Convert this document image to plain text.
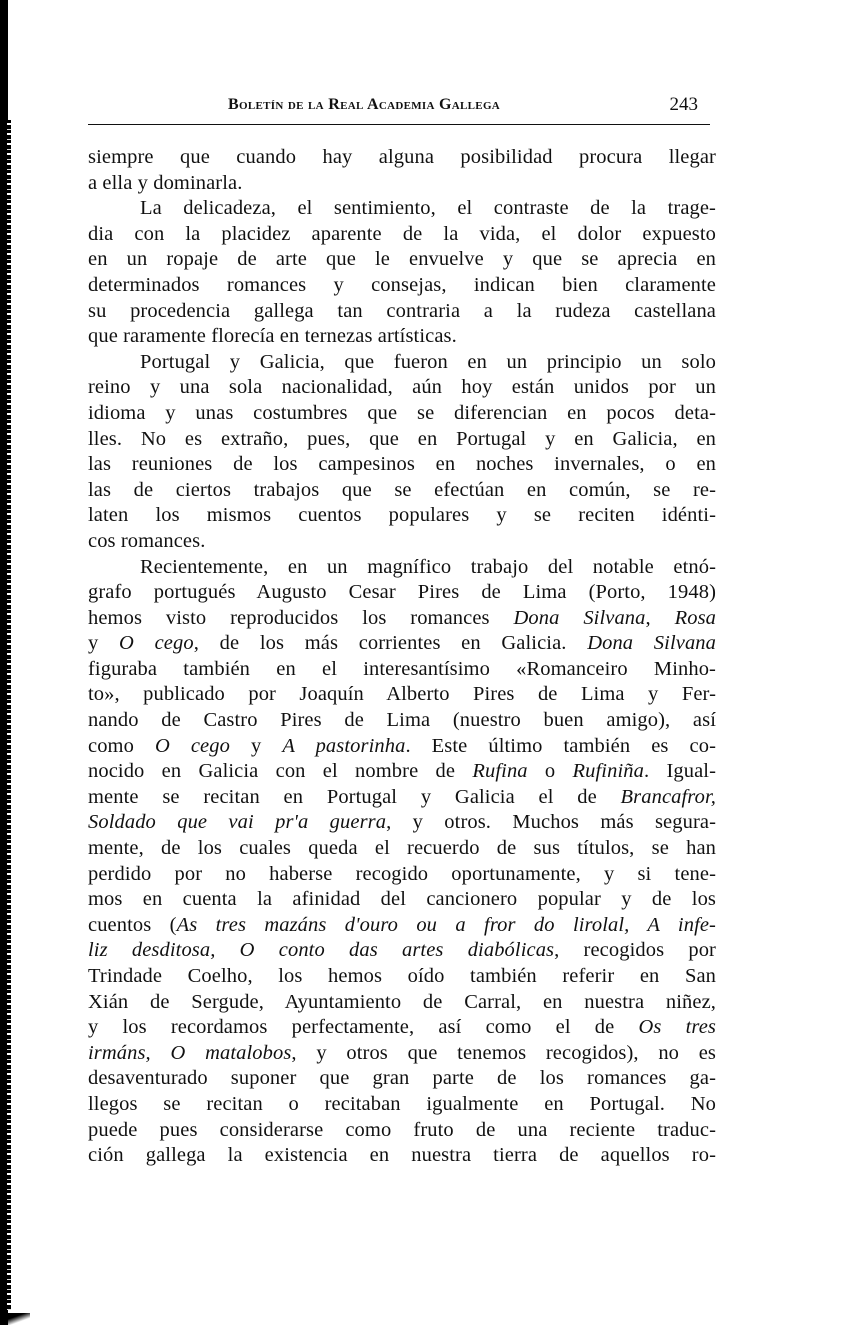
Boletín de la Real Academia Gallega	243
siempre que cuando hay alguna posibilidad procura llegar
a ella y dominarla.
La delicadeza, el sentimiento, el contraste de la trage-
dia con la placidez aparente de la vida, el dolor expuesto
en un ropaje de arte que le envuelve y que se aprecia en
determinados romances y consejas, indican bien claramente
su procedencia gallega tan contraria a la rudeza castellana
que raramente florecía en ternezas artísticas.
Portugal y Galicia, que fueron en un principio un solo
reino y una sola nacionalidad, aún hoy están unidos por un
idioma y unas costumbres que se diferencian en pocos deta-
lles. No es extraño, pues, que en Portugal y en Galicia, en
las reuniones de los campesinos en noches invernales, o en
las de ciertos trabajos que se efectúan en común, se re-
laten los mismos cuentos populares y se reciten idénti-
cos romances.
Recientemente, en un magnífico trabajo del notable etnó-
grafo portugués Augusto Cesar Pires de Lima (Porto, 1948)
hemos visto reproducidos los romances Dona Silvana, Rosa
y O cego, de los más corrientes en Galicia. Dona Silvana
figuraba también en el interesantísimo «Romanceiro Minho-
to», publicado por Joaquín Alberto Pires de Lima y Fer-
nando de Castro Pires de Lima (nuestro buen amigo), así
como O cego y A pastorinha. Este último también es co-
nocido en Galicia con el nombre de Rufina o Rufiniña. Igual-
mente se recitan en Portugal y Galicia el de Brancafror,
Soldado que vai pr'a guerra, y otros. Muchos más segura-
mente, de los cuales queda el recuerdo de sus títulos, se han
perdido por no haberse recogido oportunamente, y si tene-
mos en cuenta la afinidad del cancionero popular y de los
cuentos (As tres mazáns d'ouro ou a fror do lirolal, A infe-
liz desditosa, O conto das artes diabólicas, recogidos por
Trindade Coelho, los hemos oído también referir en San
Xián de Sergude, Ayuntamiento de Carral, en nuestra niñez,
y los recordamos perfectamente, así como el de Os tres
irmáns, O matalobos, y otros que tenemos recogidos), no es
desaventurado suponer que gran parte de los romances ga-
llegos se recitan o recitaban igualmente en Portugal. No
puede pues considerarse como fruto de una reciente traduc-
ción gallega la existencia en nuestra tierra de aquellos ro-
